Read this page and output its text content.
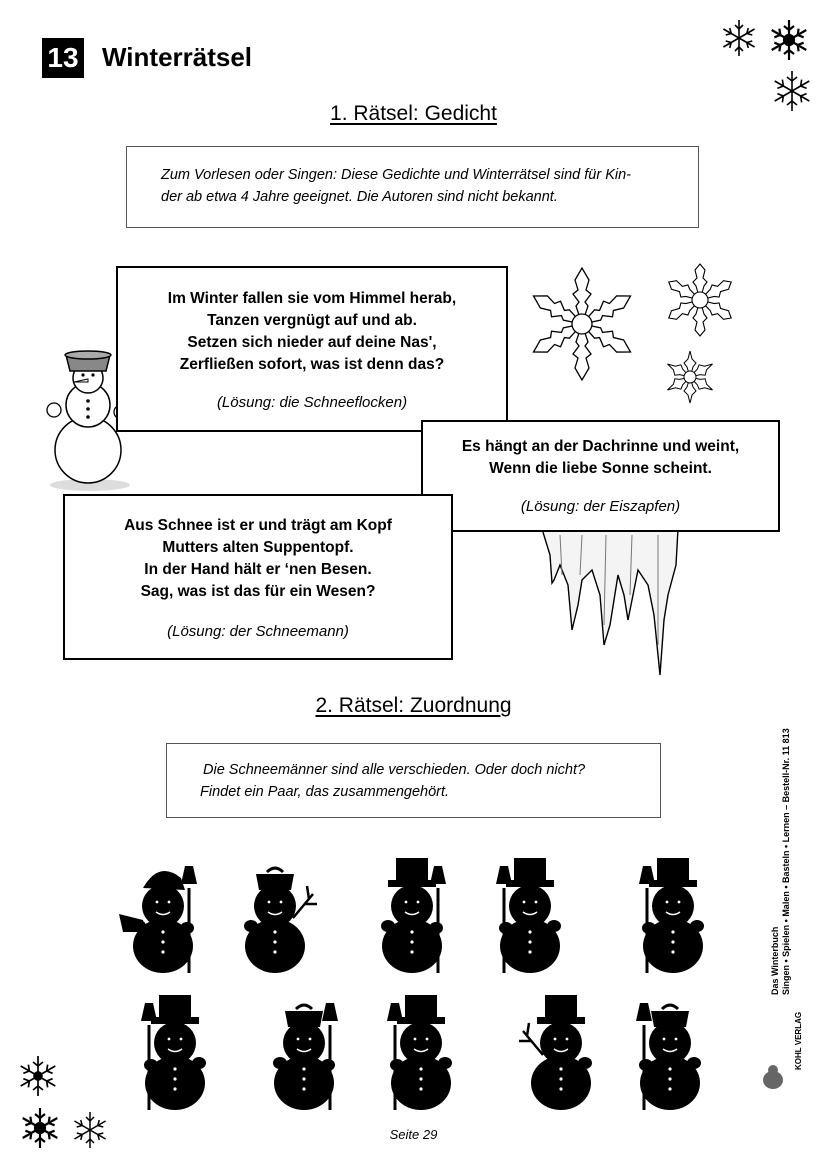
13 Winterrätsel
1. Rätsel: Gedicht
Zum Vorlesen oder Singen: Diese Gedichte und Winterrätsel sind für Kin-
der ab etwa 4 Jahre geeignet. Die Autoren sind nicht bekannt.
Im Winter fallen sie vom Himmel herab,
Tanzen vergnügt auf und ab.
Setzen sich nieder auf deine Nas',
Zerfließen sofort, was ist denn das?
(Lösung: die Schneeflocken)
Es hängt an der Dachrinne und weint,
Wenn die liebe Sonne scheint.
(Lösung: der Eiszapfen)
Aus Schnee ist er und trägt am Kopf
Mutters alten Suppentopf.
In der Hand hält er ‘nen Besen.
Sag, was ist das für ein Wesen?
(Lösung: der Schneemann)
2. Rätsel: Zuordnung
Die Schneemänner sind alle verschieden. Oder doch nicht?
Findet ein Paar, das zusammengehört.
Das Winterbuch Singen • Spielen • Malen • Basteln • Lernen – Bestell-Nr. 11 813
KOHL VERLAG
Seite 29
